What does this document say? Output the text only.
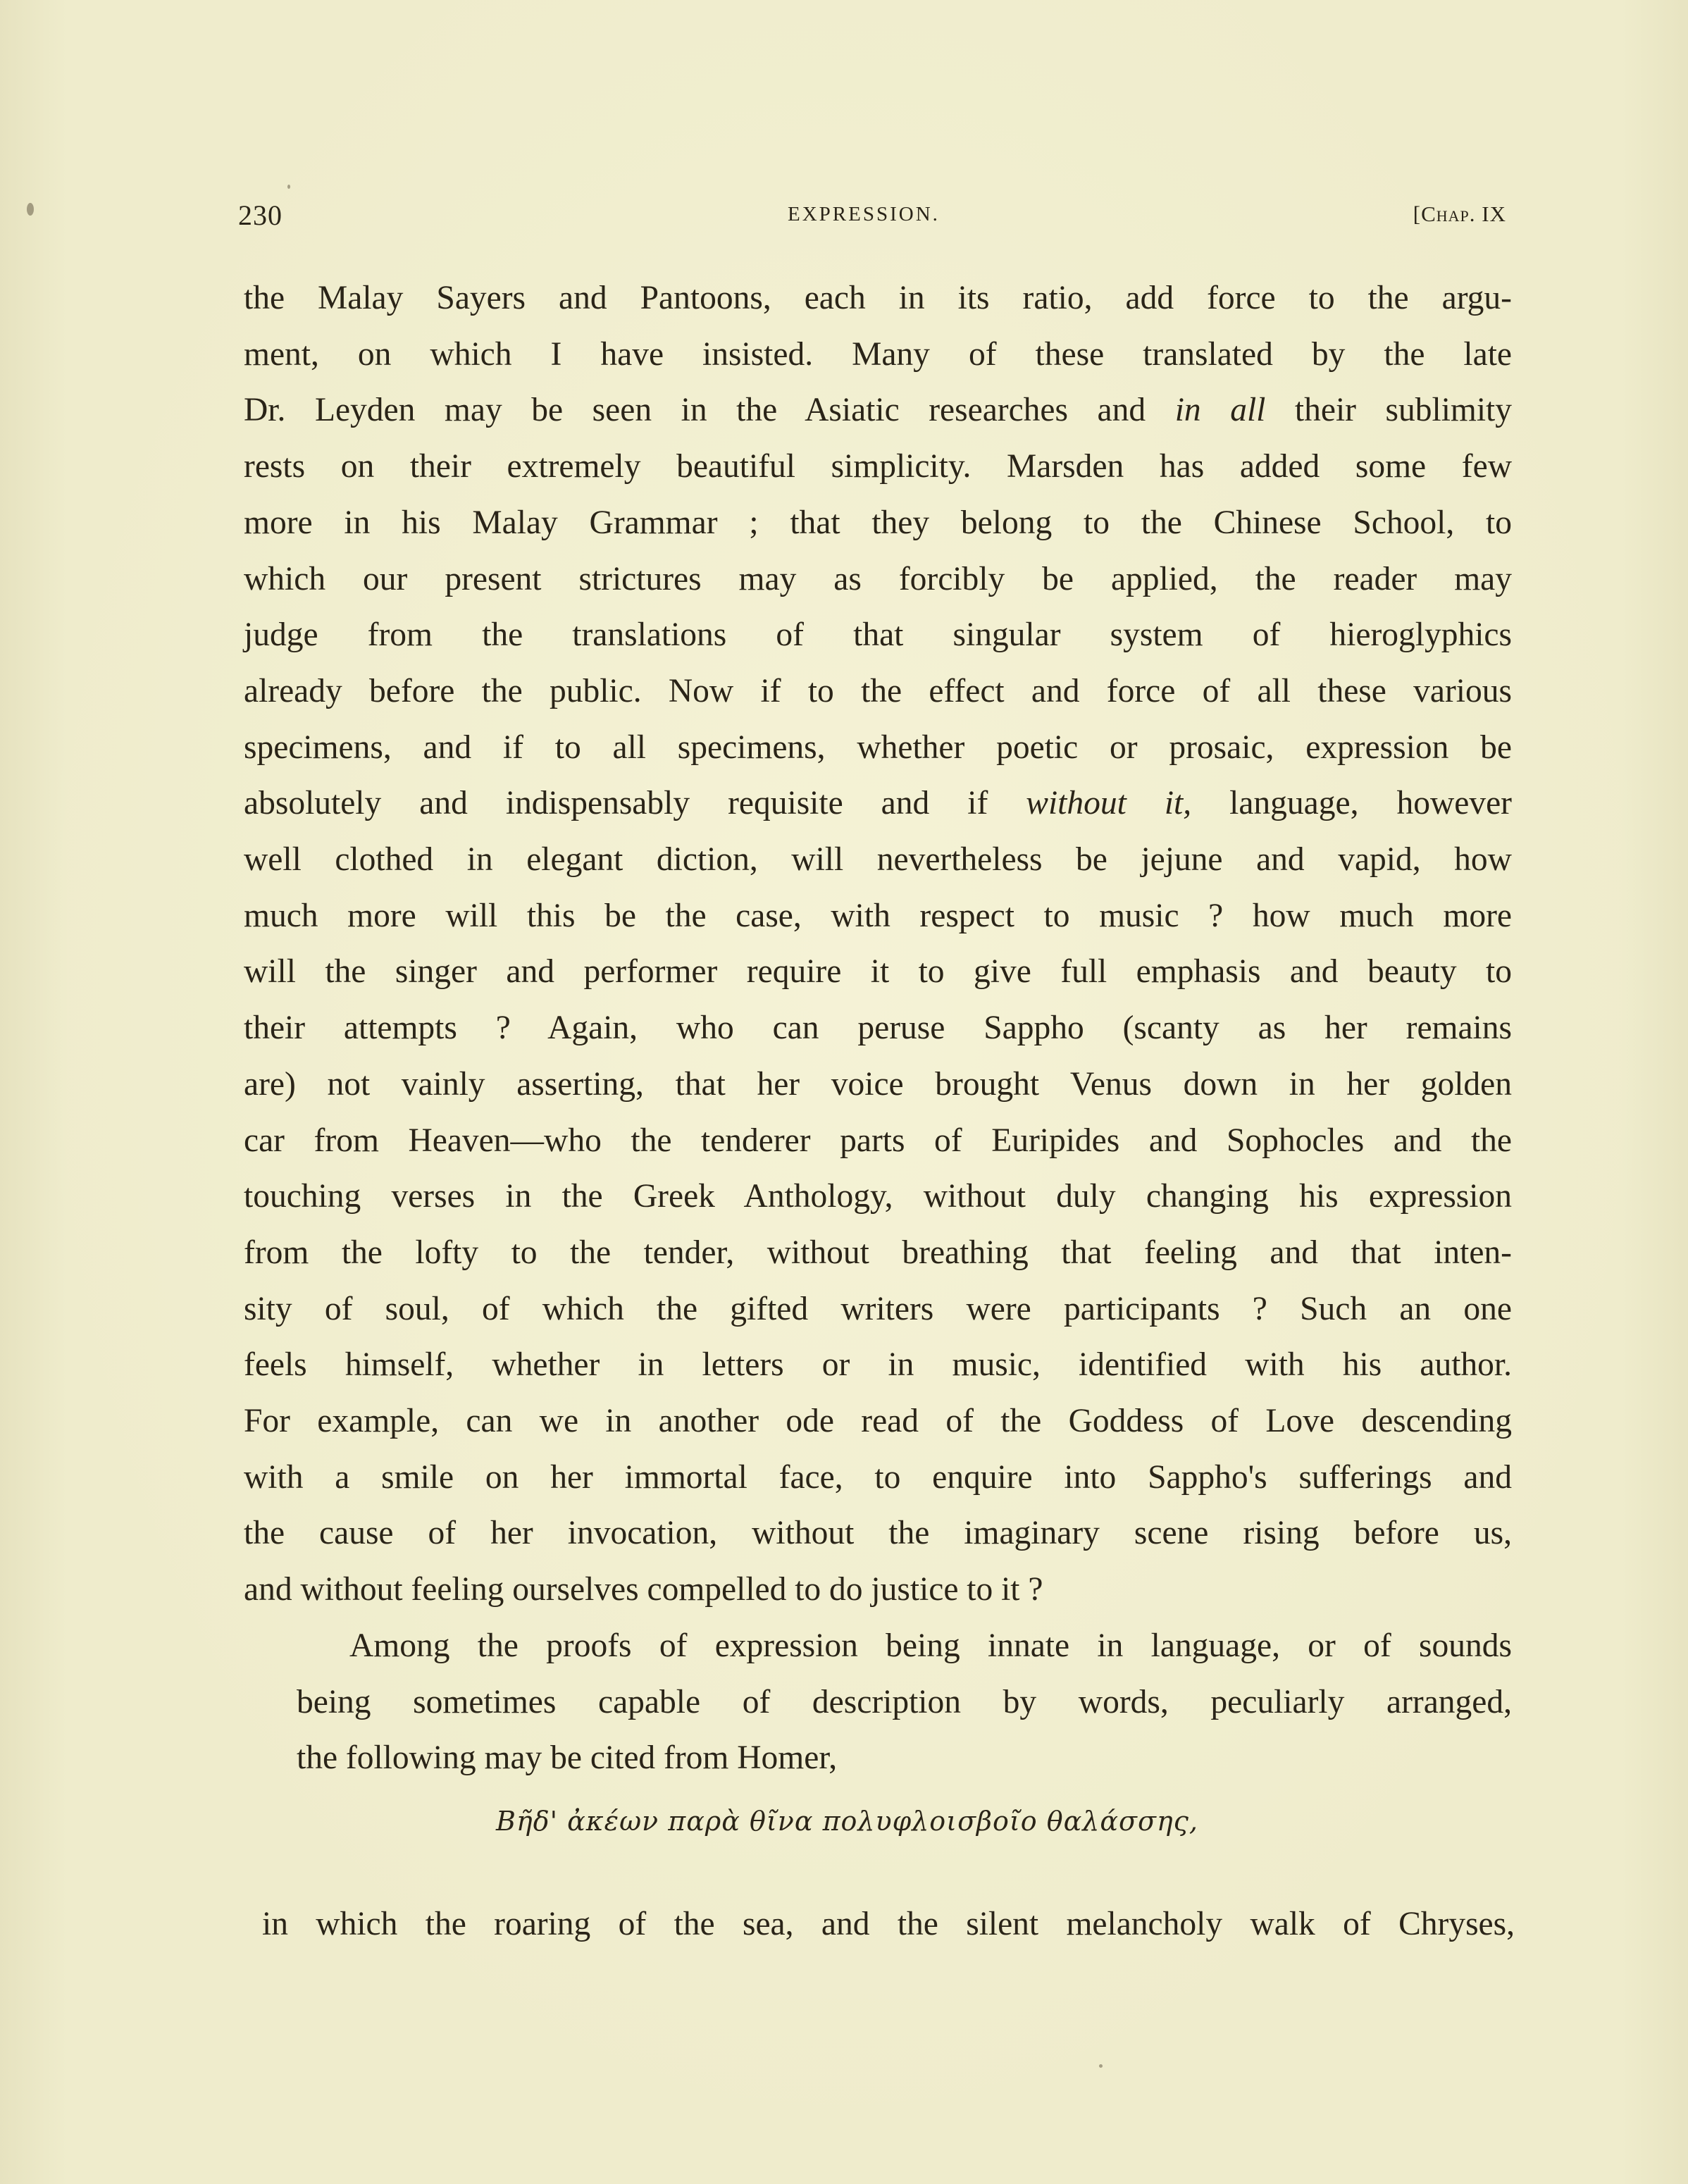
230	EXPRESSION.	[Chap. IX
the Malay Sayers and Pantoons, each in its ratio, add force to the argu-
ment, on which I have insisted. Many of these translated by the late
Dr. Leyden may be seen in the Asiatic researches and in all their sublimity
rests on their extremely beautiful simplicity. Marsden has added some few
more in his Malay Grammar ; that they belong to the Chinese School, to
which our present strictures may as forcibly be applied, the reader may
judge from the translations of that singular system of hieroglyphics
already before the public. Now if to the effect and force of all these various
specimens, and if to all specimens, whether poetic or prosaic, expression be
absolutely and indispensably requisite and if without it, language, however
well clothed in elegant diction, will nevertheless be jejune and vapid, how
much more will this be the case, with respect to music ? how much more
will the singer and performer require it to give full emphasis and beauty to
their attempts ? Again, who can peruse Sappho (scanty as her remains
are) not vainly asserting, that her voice brought Venus down in her golden
car from Heaven—who the tenderer parts of Euripides and Sophocles and the
touching verses in the Greek Anthology, without duly changing his expression
from the lofty to the tender, without breathing that feeling and that inten-
sity of soul, of which the gifted writers were participants ? Such an one
feels himself, whether in letters or in music, identified with his author.
For example, can we in another ode read of the Goddess of Love descending
with a smile on her immortal face, to enquire into Sappho's sufferings and
the cause of her invocation, without the imaginary scene rising before us,
and without feeling ourselves compelled to do justice to it ?
Among the proofs of expression being innate in language, or of sounds
being sometimes capable of description by words, peculiarly arranged,
the following may be cited from Homer,
Βῆδ' ἀκέων παρὰ θῖνα πολυφλοισβοῖο θαλάσσης,
in which the roaring of the sea, and the silent melancholy walk of Chryses,
